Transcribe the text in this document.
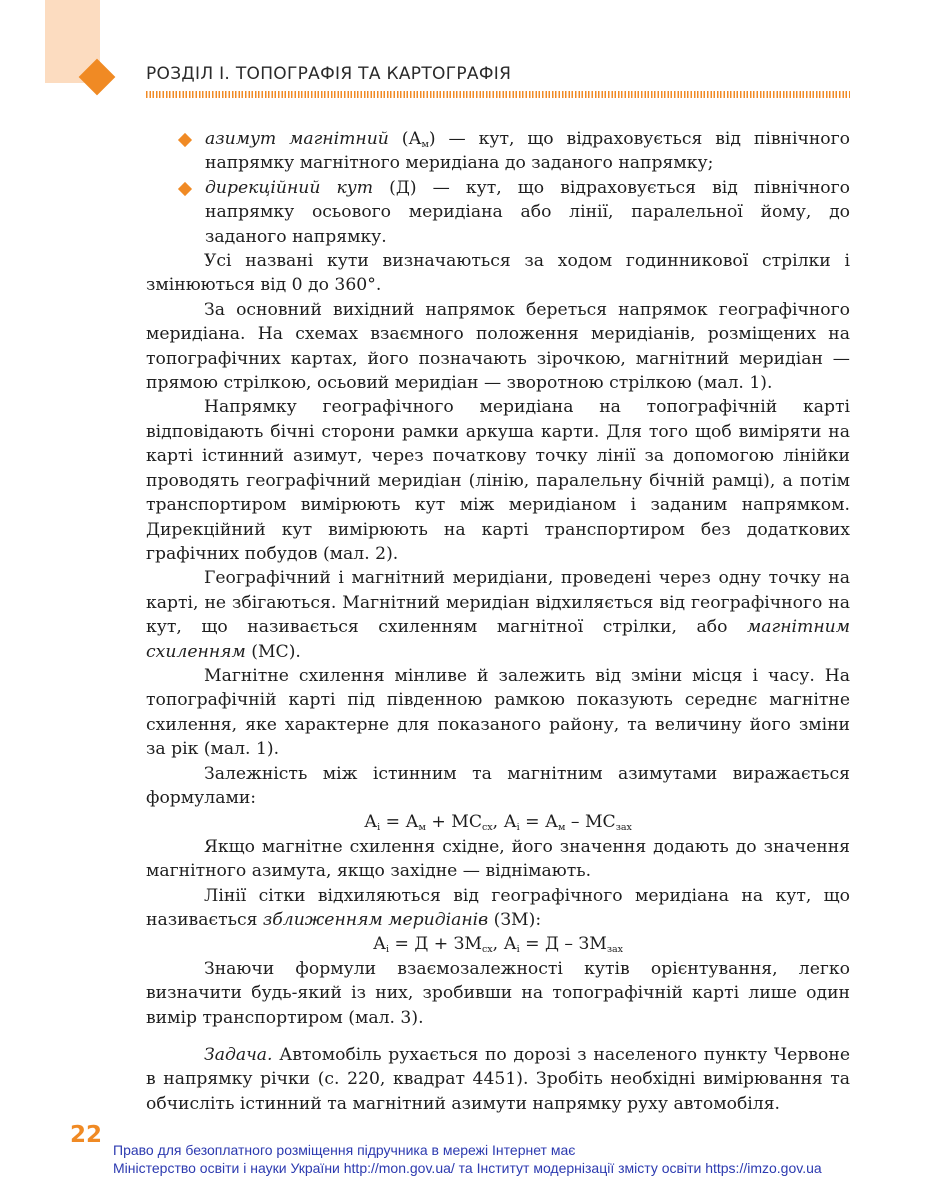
РОЗДІЛ І. ТОПОГРАФІЯ ТА КАРТОГРАФІЯ

азимут магнітний $(А_м)$ — кут, що відраховується від північного напрямку магнітного меридіана до заданого напрямку;

дирекційний кут (Д) — кут, що відраховується від північного напрямку осьового меридіана або лінії, паралельної йому, до заданого напрямку.

Усі названі кути визначаються за ходом годинникової стрілки і змінюються від 0 до 360°.

За основний вихідний напрямок береться напрямок географічного меридіана. На схемах взаємного положення меридіанів, розміщених на топографічних картах, його позначають зірочкою, магнітний меридіан — прямою стрілкою, осьовий меридіан — зворотною стрілкою (мал. 1).

Напрямку географічного меридіана на топографічній карті відповідають бічні сторони рамки аркуша карти. Для того щоб виміряти на карті істинний азимут, через початкову точку лінії за допомогою лінійки проводять географічний меридіан (лінію, паралельну бічній рамці), а потім транспортиром вимірюють кут між меридіаном і заданим напрямком. Дирекційний кут вимірюють на карті транспортиром без додаткових графічних побудов (мал. 2).

Географічний і магнітний меридіани, проведені через одну точку на карті, не збігаються. Магнітний меридіан відхиляється від географічного на кут, що називається схиленням магнітної стрілки, або магнітним схиленням (МС).

Магнітне схилення мінливе й залежить від зміни місця і часу. На топографічній карті під південною рамкою показують середнє магнітне схилення, яке характерне для показаного району, та величину його зміни за рік (мал. 1).

Залежність між істинним та магнітним азимутами виражається формулами:

$А_і = А_м + МС_{сх}$, $А_і = А_м - МС_{зах}$

Якщо магнітне схилення східне, його значення додають до значення магнітного азимута, якщо західне — віднімають.

Лінії сітки відхиляються від географічного меридіана на кут, що називається зближенням меридіанів (ЗМ):

$А_і = Д + ЗМ_{сх}$, $А_і = Д - ЗМ_{зах}$

Знаючи формули взаємозалежності кутів орієнтування, легко визначити будь-який із них, зробивши на топографічній карті лише один вимір транспортиром (мал. 3).

Задача. Автомобіль рухається по дорозі з населеного пункту Червоне в напрямку річки (с. 220, квадрат 4451). Зробіть необхідні вимірювання та обчисліть істинний та магнітний азимути напрямку руху автомобіля.

22
Право для безоплатного розміщення підручника в мережі Інтернет має
Міністерство освіти і науки України http://mon.gov.ua/ та Інститут модернізації змісту освіти https://imzo.gov.ua
